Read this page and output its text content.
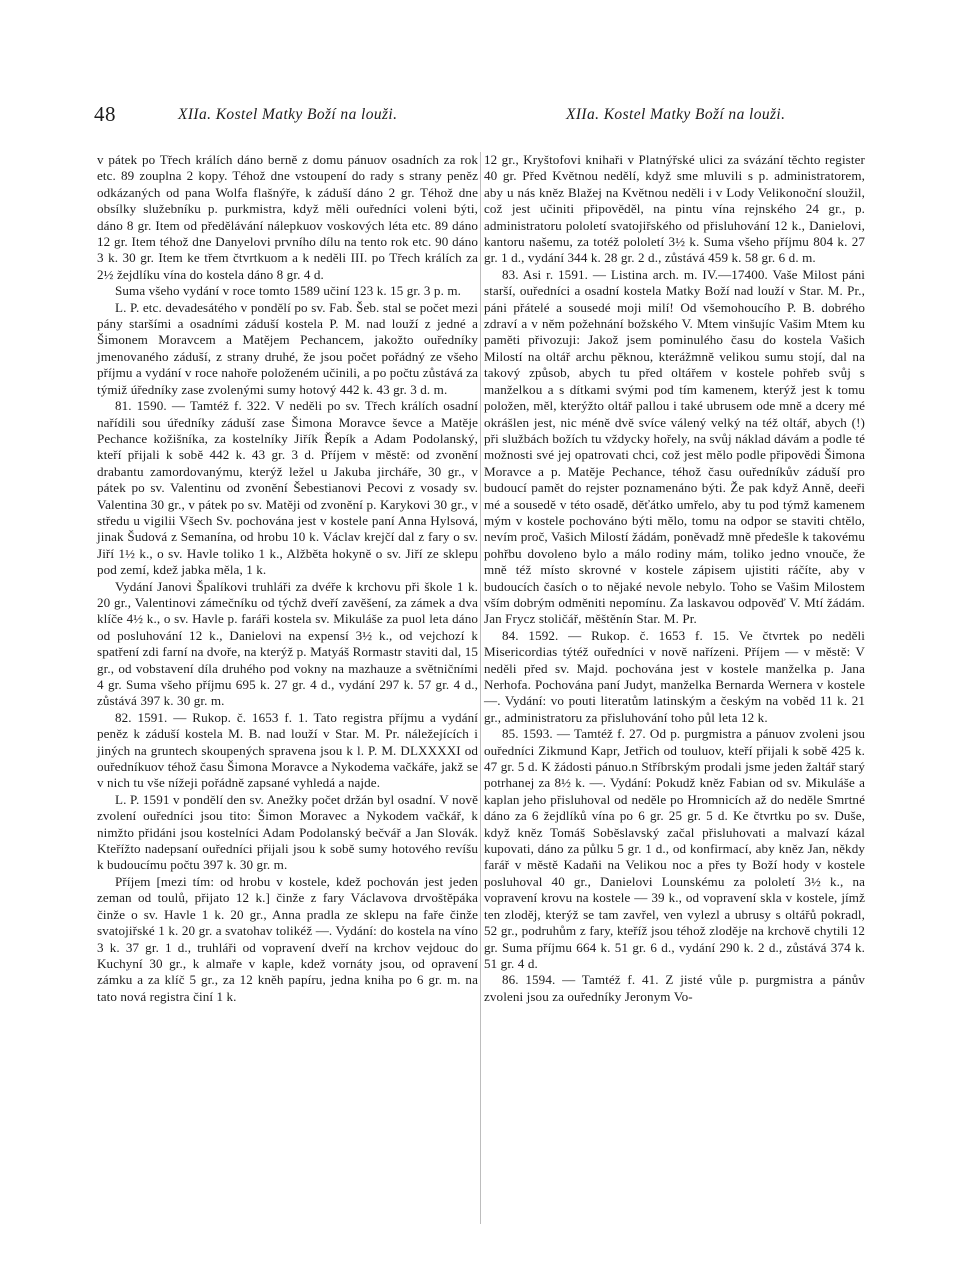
48	XIIa. Kostel Matky Boží na louži.	XIIa. Kostel Matky Boží na louži.

v pátek po Třech králích dáno berně z domu pánuov osadních za rok etc. 89 zouplna 2 kopy. Téhož dne vstoupení do rady s strany peněz odkázaných od pana Wolfa flašnýře, k záduší dáno 2 gr. Téhož dne obsílky služebníku p. purkmistra, když měli ouředníci voleni býti, dáno 8 gr. Item od předělávání nálepkuov voskových léta etc. 89 dáno 12 gr. Item téhož dne Danyelovi prvního dílu na tento rok etc. 90 dáno 3 k. 30 gr. Item ke třem čtvrtkuom a k neděli III. po Třech králích za 2½ žejdlíku vína do kostela dáno 8 gr. 4 d.

Suma všeho vydání v roce tomto 1589 učiní 123 k. 15 gr. 3 p. m.

L. P. etc. devadesátého v pondělí po sv. Fab. Šeb. stal se počet mezi pány staršími a osadními záduší kostela P. M. nad louží z jedné a Šimonem Moravcem a Matějem Pechancem, jakožto ouředníky jmenovaného záduší, z strany druhé, že jsou počet pořádný ze všeho příjmu a vydání v roce nahoře položeném učinili, a po počtu zůstává za týmiž úředníky zase zvolenými sumy hotový 442 k. 43 gr. 3 d. m.

81. 1590. — Tamtéž f. 322. V neděli po sv. Třech králích osadní nařídili sou úředníky záduší zase Šimona Moravce ševce a Matěje Pechance kožišníka, za kostelníky Jiřík Řepík a Adam Podolanský, kteří přijali k sobě 442 k. 43 gr. 3 d. Příjem v městě: od zvonění drabantu zamordovanýmu, kterýž ležel u Jakuba jircháře, 30 gr., v pátek po sv. Valentinu od zvonění Šebestianovi Pecovi z vosady sv. Valentina 30 gr., v pátek po sv. Matěji od zvonění p. Karykovi 30 gr., v středu u vigilii Všech Sv. pochována jest v kostele paní Anna Hylsová, jinak Šudová z Semanína, od hrobu 10 k. Václav krejčí dal z fary o sv. Jiří 1½ k., o sv. Havle toliko 1 k., Alžběta hokyně o sv. Jiří ze sklepu pod zemí, kdež jabka měla, 1 k.

Vydání Janovi Špalíkovi truhláři za dvéře k krchovu při škole 1 k. 20 gr., Valentinovi zámečníku od týchž dveří zavěšení, za zámek a dva klíče 4½ k., o sv. Havle p. faráři kostela sv. Mikuláše za puol leta dáno od posluhování 12 k., Danielovi na expensí 3½ k., od vejchozí k spatření zdi farní na dvoře, na kterýž p. Matyáš Rormastr staviti dal, 15 gr., od vobstavení díla druhého pod vokny na mazhauze a světničními 4 gr. Suma všeho příjmu 695 k. 27 gr. 4 d., vydání 297 k. 57 gr. 4 d., zůstává 397 k. 30 gr. m.

82. 1591. — Rukop. č. 1653 f. 1. Tato registra příjmu a vydání peněz k záduší kostela M. B. nad louží v Star. M. Pr. náležejících i jiných na gruntech skoupených spravena jsou k l. P. M. DLXXXXI od ouředníkuov téhož času Šimona Moravce a Nykodema vačkáře, jakž se v nich tu vše nížeji pořádně zapsané vyhledá a najde.

L. P. 1591 v pondělí den sv. Anežky počet držán byl osadní. V nově zvolení ouředníci jsou tito: Šimon Moravec a Nykodem vačkář, k nimžto přidáni jsou kostelníci Adam Podolanský bečvář a Jan Slovák. Kteřížto nadepsaní ouředníci přijali jsou k sobě sumy hotového revíšu k budoucímu počtu 397 k. 30 gr. m.

Příjem [mezi tím: od hrobu v kostele, kdež pochován jest jeden zeman od toulů, přijato 12 k.] činže z fary Václavova drvoštěpáka činže o sv. Havle 1 k. 20 gr., Anna pradla ze sklepu na faře činže svatojiřské 1 k. 20 gr. a svatohav tolikéž —. Vydání: do kostela na víno 3 k. 37 gr. 1 d., truhláři od vopravení dveří na krchov vejdouc do Kuchyní 30 gr., k almaře v kaple, kdež vornáty jsou, od opravení zámku a za klíč 5 gr., za 12 kněh papíru, jedna kniha po 6 gr. m. na tato nová registra činí 1 k.

12 gr., Kryštofovi knihaři v Platnýřské ulici za svázání těchto register 40 gr. Před Květnou nedělí, když sme mluvili s p. administratorem, aby u nás kněz Blažej na Květnou neděli i v Lody Velikonoční sloužil, což jest učiniti připověděl, na pintu vína rejnského 24 gr., p. administratoru pololetí svatojiřského od přisluhování 12 k., Danielovi, kantoru našemu, za totéž pololetí 3½ k. Suma všeho příjmu 804 k. 27 gr. 1 d., vydání 344 k. 28 gr. 2 d., zůstává 459 k. 58 gr. 6 d. m.

83. Asi r. 1591. — Listina arch. m. IV.—17400. Vaše Milost páni starší, ouředníci a osadní kostela Matky Boží nad louží v Star. M. Pr., páni přátelé a sousedé moji milí! Od všemohoucího P. B. dobrého zdraví a v něm požehnání božského V. Mtem vinšujíc Vašim Mtem ku paměti přivozuji: Jakož jsem pominulého času do kostela Vašich Milostí na oltář archu pěknou, kterážmně velikou sumu stojí, dal na takový způsob, abych tu před oltářem v kostele pohřeb svůj s manželkou a s dítkami svými pod tím kamenem, kterýž jest k tomu položen, měl, kterýžto oltář pallou i také ubrusem ode mně a dcery mé okrášlen jest, nic méně dvě svíce válený velký na též oltář, abych (!) při službách božích tu vždycky hořely, na svůj náklad dávám a podle té možnosti své jej opatrovati chci, což jest mělo podle připovědi Šimona Moravce a p. Matěje Pechance, téhož času ouředníkův záduší pro budoucí pamět do rejster poznamenáno býti. Že pak když Anně, deeři mé a sousedě v této osadě, děťátko umřelo, aby tu pod týmž kamenem mým v kostele pochováno býti mělo, tomu na odpor se staviti chtělo, nevím proč, Vašich Milostí žádám, poněvadž mně předešle k takovému pohřbu dovoleno bylo a málo rodiny mám, toliko jedno vnouče, že mně též místo skrovné v kostele zápisem ujistiti ráčíte, aby v budoucích časích o to nějaké nevole nebylo. Toho se Vašim Milostem vším dobrým odměniti nepomínu. Za laskavou odpověď V. Mtí žádám. Jan Frycz stoličář, měštěnín Star. M. Pr.

84. 1592. — Rukop. č. 1653 f. 15. Ve čtvrtek po neděli Misericordias týtéž ouředníci v nově nařízeni. Příjem — v městě: V neděli před sv. Majd. pochována jest v kostele manželka p. Jana Nerhofa. Pochována paní Judyt, manželka Bernarda Wernera v kostele —. Vydání: vo pouti literatům latinským a českým na voběd 11 k. 21 gr., administratoru za přisluhování toho půl leta 12 k.

85. 1593. — Tamtéž f. 27. Od p. purgmistra a pánuov zvoleni jsou ouředníci Zikmund Kapr, Jetřich od touluov, kteří přijali k sobě 425 k. 47 gr. 5 d. K žádosti pánuo.n Stříbrským prodali jsme jeden žaltář starý potrhanej za 8½ k. —. Vydání: Pokudž kněz Fabian od sv. Mikuláše a kaplan jeho přisluhoval od neděle po Hromnicích až do neděle Smrtné dáno za 6 žejdlíků vína po 6 gr. 25 gr. 5 d. Ke čtvrtku po sv. Duše, když kněz Tomáš Soběslavský začal přisluhovati a malvazí kázal kupovati, dáno za půlku 5 gr. 1 d., od konfirmací, aby kněz Jan, někdy farář v městě Kadaňi na Velikou noc a přes ty Boží hody v kostele posluhoval 40 gr., Danielovi Lounskému za pololetí 3½ k., na vopravení krovu na kostele — 39 k., od vopravení skla v kostele, jímž ten zloděj, kterýž se tam zavřel, ven vylezl a ubrusy s oltářů pokradl, 52 gr., podruhům z fary, kteříž jsou téhož zloděje na krchově chytili 12 gr. Suma příjmu 664 k. 51 gr. 6 d., vydání 290 k. 2 d., zůstává 374 k. 51 gr. 4 d.

86. 1594. — Tamtéž f. 41. Z jisté vůle p. purgmistra a pánův zvoleni jsou za ouředníky Jeronym Vo-
